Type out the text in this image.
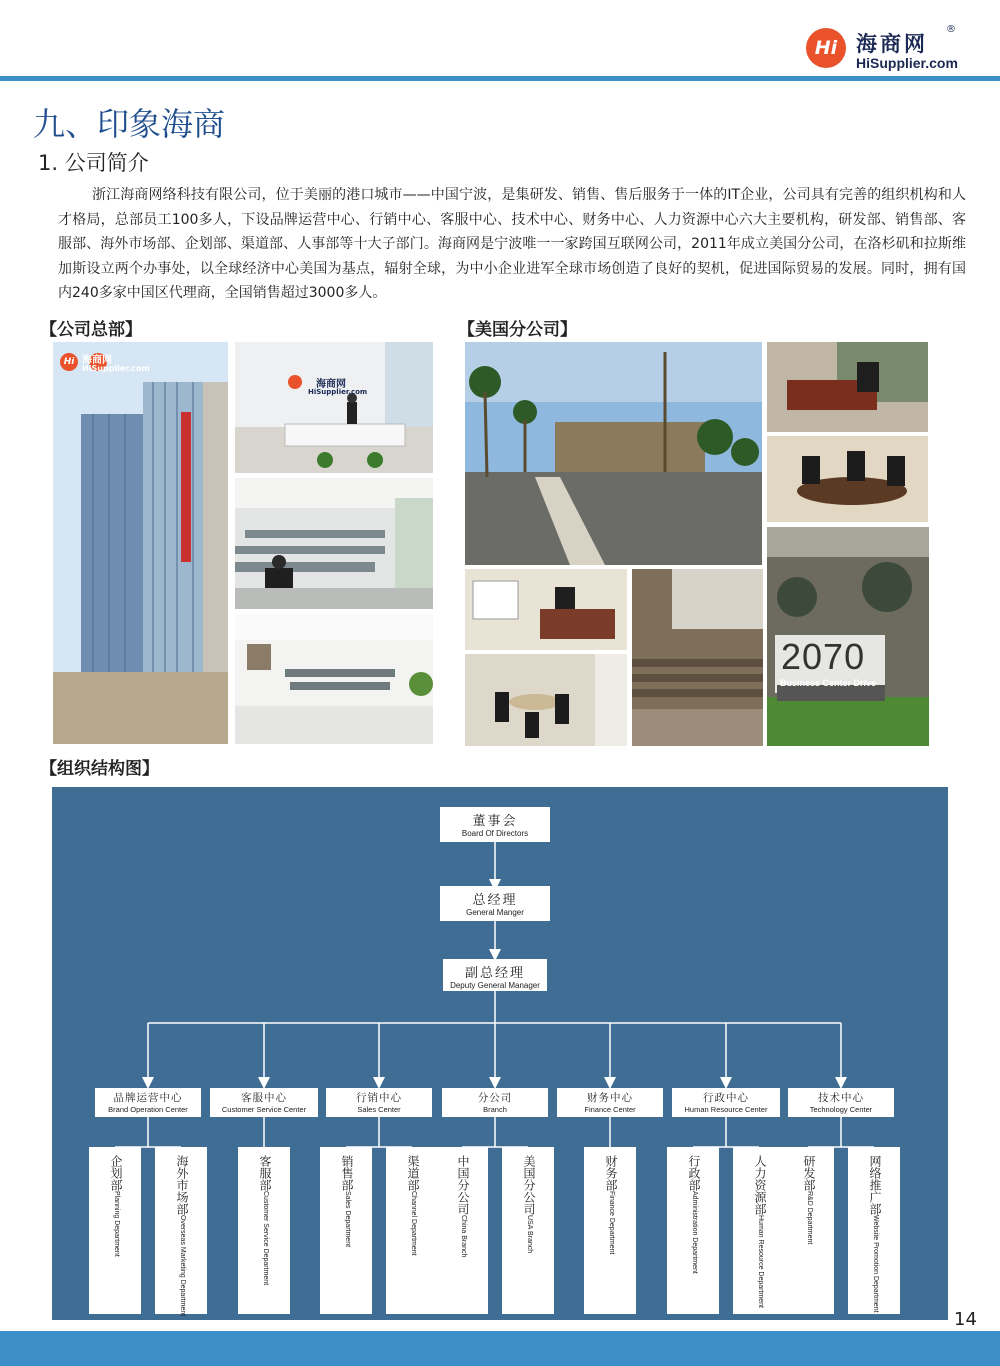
Hi 海商网
®
HiSupplier.com
九、印象海商
1. 公司简介
浙江海商网络科技有限公司，位于美丽的港口城市——中国宁波，是集研发、销售、售后服务于一体的IT企业，公司具有完善的组织机构和人才格局，总部员工100多人，下设品牌运营中心、行销中心、客服中心、技术中心、财务中心、人力资源中心六大主要机构，研发部、销售部、客服部、海外市场部、企划部、渠道部、人事部等十大子部门。海商网是宁波唯一一家跨国互联网公司，2011年成立美国分公司，在洛杉矶和拉斯维加斯设立两个办事处，以全球经济中心美国为基点，辐射全球，为中小企业进军全球市场创造了良好的契机，促进国际贸易的发展。同时，拥有国内240多家中国区代理商，全国销售超过3000多人。
【公司总部】	【美国分公司】
Hi 海商网
HiSupplier.com
海商网
HiSupplier.com
2070
Business Center Drive
【组织结构图】
董事会
Board Of Directors
总经理
General Manger
副总经理
Deputy General Manager
品牌运营中心
Brand Operation Center
客服中心
Customer Service Center
行销中心
Sales Center
分公司
Branch
财务中心
Finance Center
行政中心
Human Resource Center
技术中心
Technology Center
企划部Planning Department
海外市场部Overseas Marketing Department
客服部Customer Service Department
销售部Sales Department
渠道部Channel Department
中国分公司China Branch
美国分公司USA Branch
财务部Finance Department
行政部Administration Department
人力资源部Human Resource Department
研发部R&D Department
网络推广部Website Promotion Department
14
